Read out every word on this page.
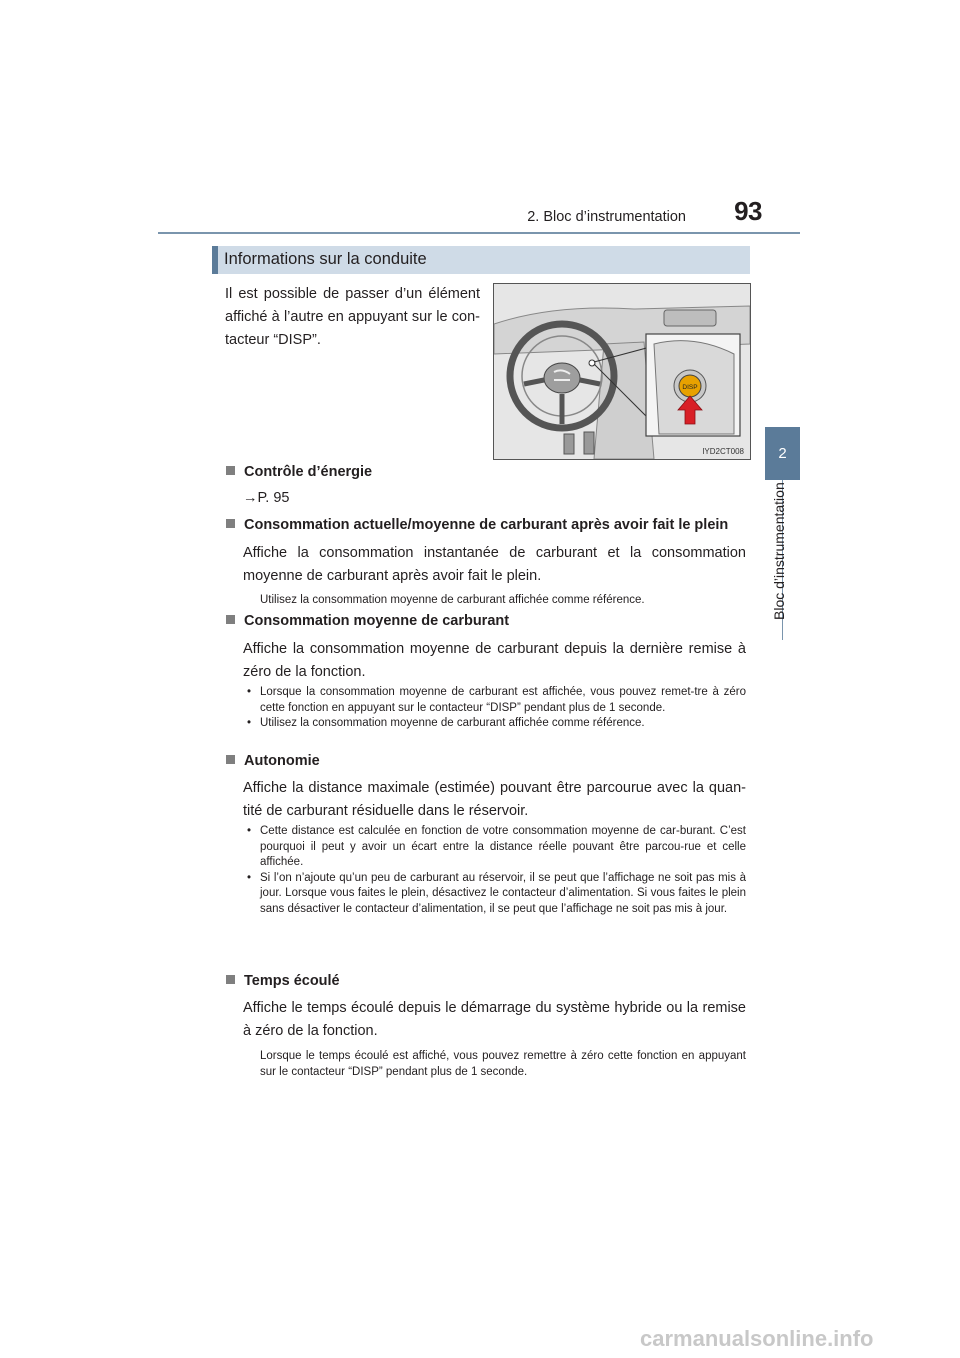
2. Bloc d’instrumentation	93
2
Bloc d’instrumentation
Informations sur la conduite
Il est possible de passer d’un élément affiché à l’autre en appuyant sur le con-tacteur “DISP”.
DISP
IYD2CT008
Contrôle d’énergie
→P. 95
Consommation actuelle/moyenne de carburant après avoir fait le plein
Affiche la consommation instantanée de carburant et la consommation moyenne de carburant après avoir fait le plein.
Utilisez la consommation moyenne de carburant affichée comme référence.
Consommation moyenne de carburant
Affiche la consommation moyenne de carburant depuis la dernière remise à zéro de la fonction.
• Lorsque la consommation moyenne de carburant est affichée, vous pouvez remet-tre à zéro cette fonction en appuyant sur le contacteur “DISP” pendant plus de 1 seconde.
• Utilisez la consommation moyenne de carburant affichée comme référence.
Autonomie
Affiche la distance maximale (estimée) pouvant être parcourue avec la quan-tité de carburant résiduelle dans le réservoir.
• Cette distance est calculée en fonction de votre consommation moyenne de car-burant. C’est pourquoi il peut y avoir un écart entre la distance réelle pouvant être parcou-rue et celle affichée.
• Si l’on n’ajoute qu’un peu de carburant au réservoir, il se peut que l’affichage ne soit pas mis à jour. Lorsque vous faites le plein, désactivez le contacteur d’alimentation. Si vous faites le plein sans désactiver le contacteur d’alimentation, il se peut que l’affichage ne soit pas mis à jour.
Temps écoulé
Affiche le temps écoulé depuis le démarrage du système hybride ou la remise à zéro de la fonction.
Lorsque le temps écoulé est affiché, vous pouvez remettre à zéro cette fonction en appuyant sur le contacteur “DISP” pendant plus de 1 seconde.
carmanualsonline.info
